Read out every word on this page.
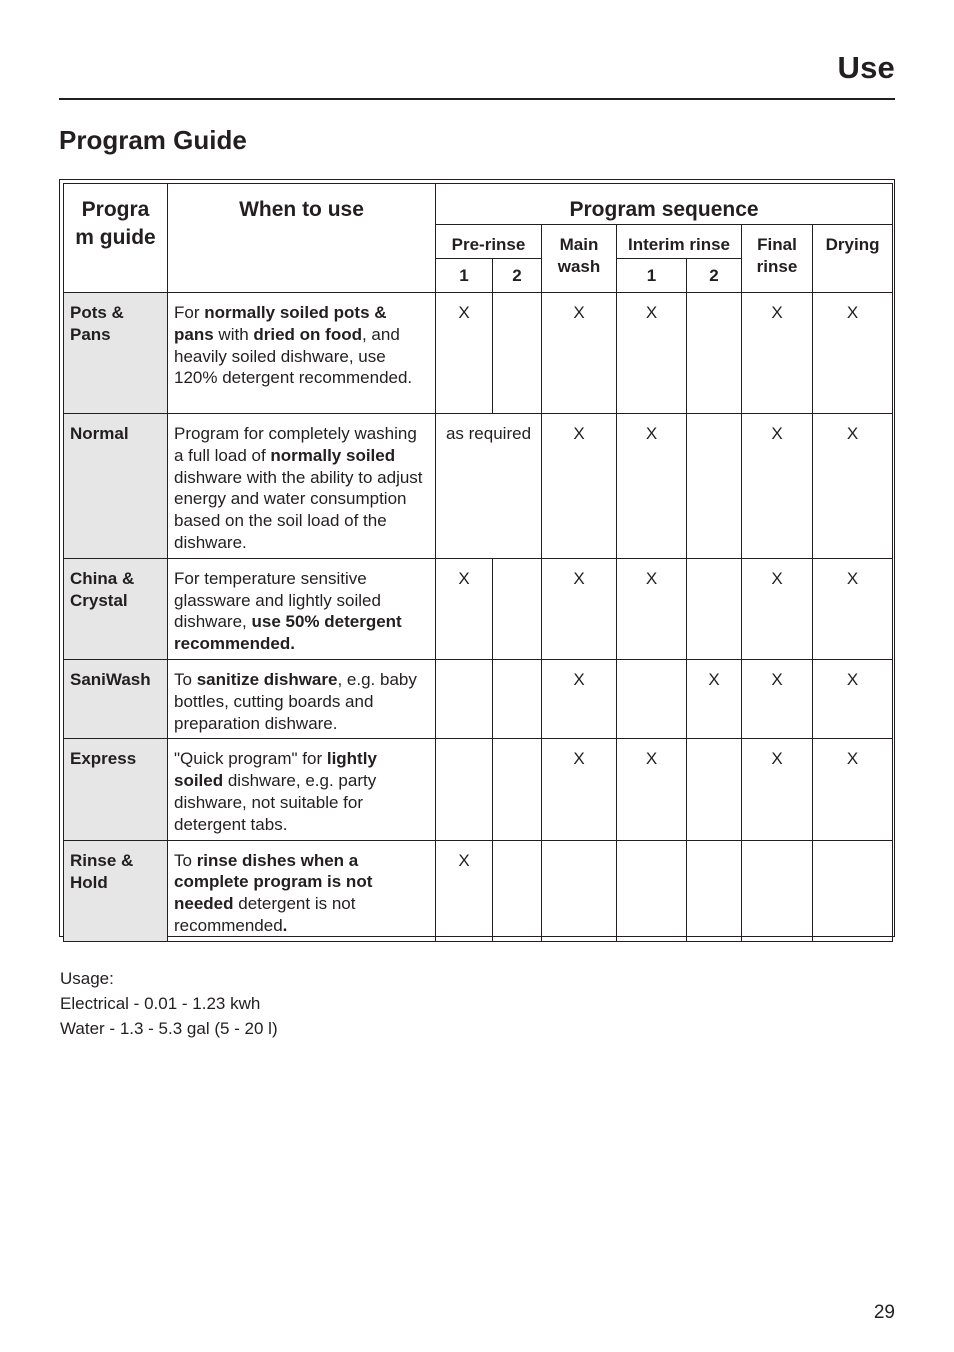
Use
Program Guide
Progra m guide	When to use	Program sequence						
		Pre-rinse		Main wash	Interim rinse		Final rinse	Drying
		1	2		1	2		
Pots & Pans	For normally soiled pots & pans with dried on food, and heavily soiled dishware, use 120% detergent recommended.	X		X	X		X	X
Normal	Program for completely washing a full load of normally soiled dishware with the ability to adjust energy and water consumption based on the soil load of the dishware.	as required		X	X		X	X
China & Crystal	For temperature sensitive glassware and lightly soiled dishware, use 50% detergent recommended.	X		X	X		X	X
SaniWash	To sanitize dishware, e.g. baby bottles, cutting boards and preparation dishware.			X		X	X	X
Express	"Quick program" for lightly soiled dishware, e.g. party dishware, not suitable for detergent tabs.			X	X		X	X
Rinse & Hold	To rinse dishes when a complete program is not needed detergent is not recommended.	X						
Usage:
Electrical - 0.01 - 1.23 kwh
Water - 1.3 - 5.3 gal (5 - 20 l)
29
